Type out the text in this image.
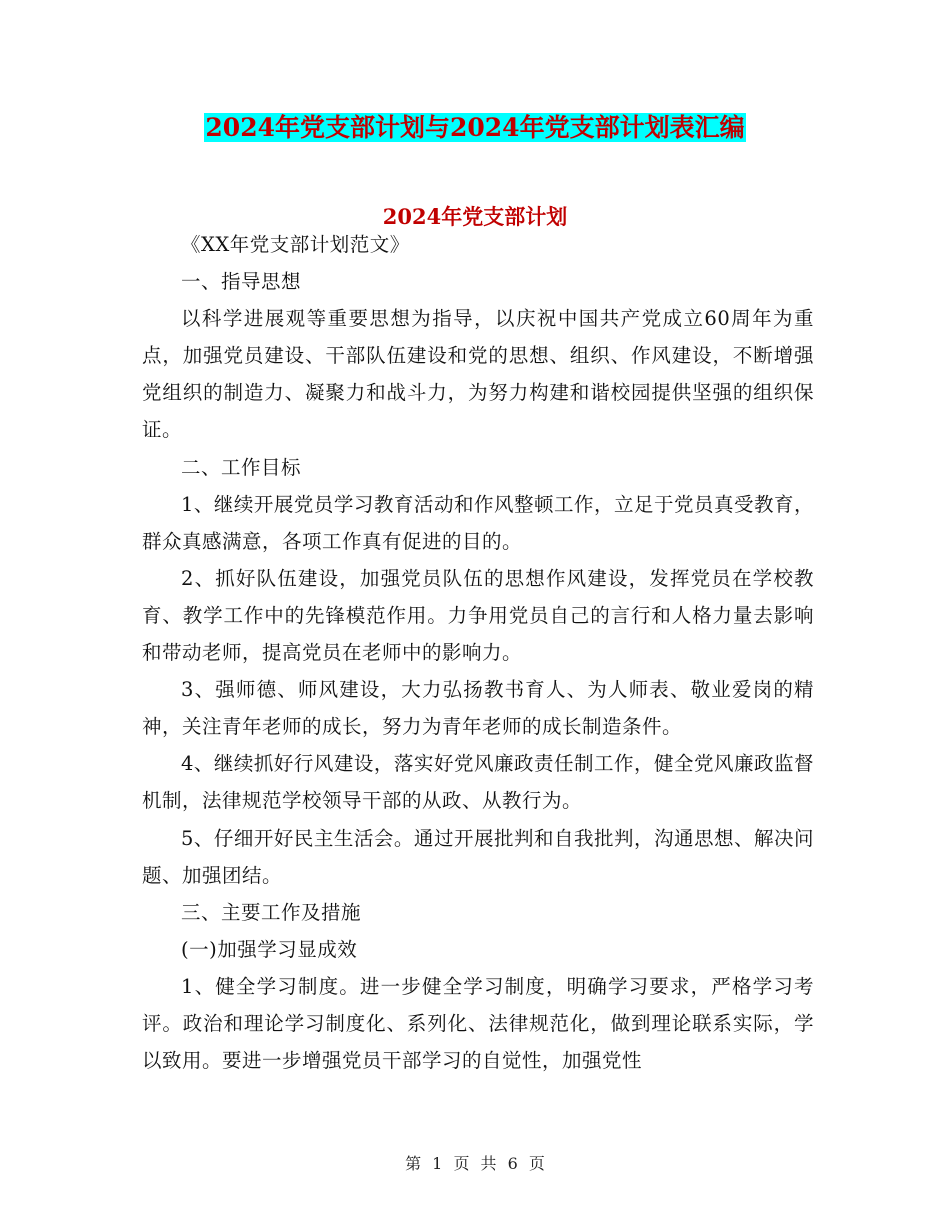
2024年党支部计划与2024年党支部计划表汇编
2024年党支部计划

《XX年党支部计划范文》

一、指导思想

以科学进展观等重要思想为指导，以庆祝中国共产党成立60周年为重点，加强党员建设、干部队伍建设和党的思想、组织、作风建设，不断增强党组织的制造力、凝聚力和战斗力，为努力构建和谐校园提供坚强的组织保证。

二、工作目标

1、继续开展党员学习教育活动和作风整顿工作，立足于党员真受教育，群众真感满意，各项工作真有促进的目的。

2、抓好队伍建设，加强党员队伍的思想作风建设，发挥党员在学校教育、教学工作中的先锋模范作用。力争用党员自己的言行和人格力量去影响和带动老师，提高党员在老师中的影响力。

3、强师德、师风建设，大力弘扬教书育人、为人师表、敬业爱岗的精神，关注青年老师的成长，努力为青年老师的成长制造条件。

4、继续抓好行风建设，落实好党风廉政责任制工作，健全党风廉政监督机制，法律规范学校领导干部的从政、从教行为。

5、仔细开好民主生活会。通过开展批判和自我批判，沟通思想、解决问题、加强团结。

三、主要工作及措施

(一)加强学习显成效

1、健全学习制度。进一步健全学习制度，明确学习要求，严格学习考评。政治和理论学习制度化、系列化、法律规范化，做到理论联系实际，学以致用。要进一步增强党员干部学习的自觉性，加强党性

第 1 页 共 6 页
